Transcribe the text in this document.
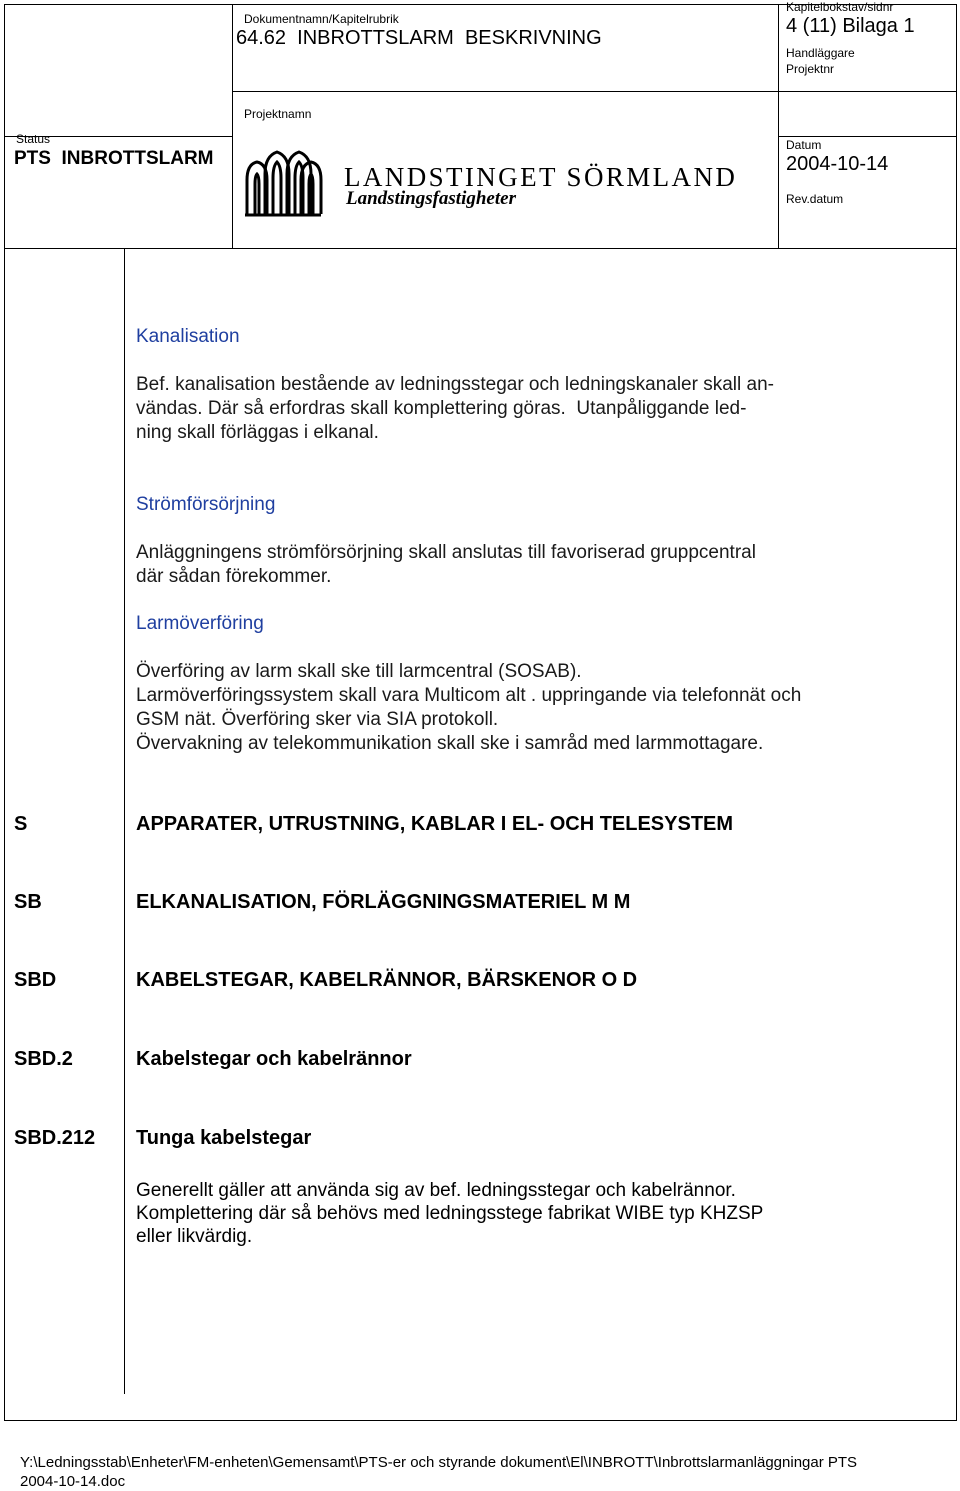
Dokumentnamn/Kapitelrubrik
64.62  INBROTTSLARM  BESKRIVNING
Kapitelbokstav/sidnr
4 (11) Bilaga 1
Handläggare
Projektnr
Projektnamn
Status
PTS  INBROTTSLARM
LANDSTINGET SÖRMLAND
Landstingsfastigheter
Datum
2004-10-14
Rev.datum
Kanalisation
Bef. kanalisation bestående av ledningsstegar och ledningskanaler skall an-
vändas. Där så erfordras skall komplettering göras.  Utanpåliggande led-
ning skall förläggas i elkanal.
Strömförsörjning
Anläggningens strömförsörjning skall anslutas till favoriserad gruppcentral
där sådan förekommer.
Larmöverföring
Överföring av larm skall ske till larmcentral (SOSAB).
Larmöverföringssystem skall vara Multicom alt . uppringande via telefonnät och
GSM nät. Överföring sker via SIA protokoll.
Övervakning av telekommunikation skall ske i samråd med larmmottagare.
S	APPARATER, UTRUSTNING, KABLAR I EL- OCH TELESYSTEM
SB	ELKANALISATION, FÖRLÄGGNINGSMATERIEL M M
SBD	KABELSTEGAR, KABELRÄNNOR, BÄRSKENOR O D
SBD.2	Kabelstegar och kabelrännor
SBD.212 Tunga kabelstegar
Generellt gäller att använda sig av bef. ledningsstegar och kabelrännor.
Komplettering där så behövs med ledningsstege fabrikat WIBE typ KHZSP
eller likvärdig.
Y:\Ledningsstab\Enheter\FM-enheten\Gemensamt\PTS-er och styrande dokument\El\INBROTT\Inbrottslarmanläggningar PTS
2004-10-14.doc
